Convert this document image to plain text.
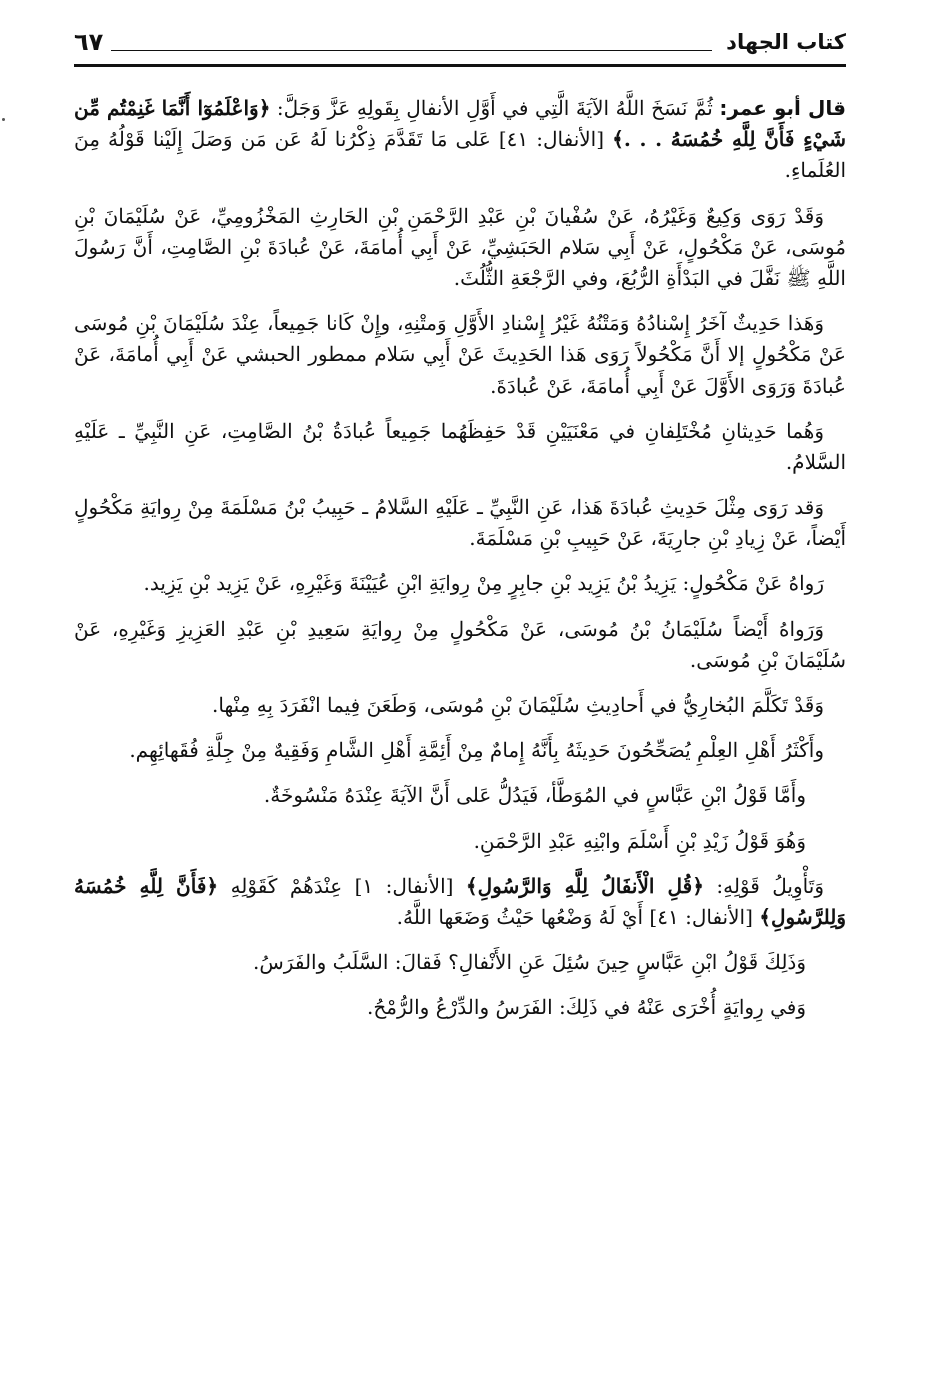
كتاب الجهاد
٦٧

قال أبو عمر: ثُمَّ نَسَخَ اللَّهُ الآيَةَ الَّتِي في أَوَّلِ الأنفالِ بِقَولِهِ عَزَّ وَجَلَّ: ﴿وَاعْلَمُوٓا أَنَّمَا غَنِمْتُم مِّن شَيْءٍ فَأَنَّ لِلَّهِ خُمُسَهُ . . .﴾ [الأنفال: ٤١] عَلى مَا تَقَدَّمَ ذِكْرُنا لَهُ عَن مَن وَصَلَ إِلَيْنا قَوْلُهُ مِنَ العُلَماءِ.

وَقَدْ رَوَى وَكِيعٌ وَغَيْرُهُ، عَنْ سُفْيانَ بْنِ عَبْدِ الرَّحْمَنِ بْنِ الحَارِثِ المَخْزُومِيِّ، عَنْ سُلَيْمَانَ بْنِ مُوسَى، عَنْ مَكْحُولٍ، عَنْ أَبِي سَلام الحَبَشِيِّ، عَنْ أَبِي أُمامَةَ، عَنْ عُبادَةَ بْنِ الصَّامِتِ، أَنَّ رَسُولَ اللَّهِ ﷺ نَفَّلَ في البَدْأَةِ الرُّبُعَ، وفي الرَّجْعَةِ الثُّلُثَ.

وَهَذا حَدِيثٌ آخَرُ إِسْنادُهُ وَمَتْنُهُ غَيْرُ إِسْنادِ الأَوَّلِ وَمتْنِهِ، وإِنْ كَانا جَمِيعاً، عِنْدَ سُلَيْمَانَ بْنِ مُوسَى عَنْ مَكْحُولٍ إلا أَنَّ مَكْحُولاً رَوَى هَذا الحَدِيثَ عَنْ أَبِي سَلام ممطور الحبشي عَنْ أَبِي أُمامَةَ، عَنْ عُبادَةَ وَرَوَى الأَوَّلَ عَنْ أَبِي أُمامَةَ، عَنْ عُبادَةَ.

وَهُما حَدِيثانِ مُخْتَلِفانِ في مَعْنَيَيْنِ قَدْ حَفِظَهُما جَمِيعاً عُبادَةُ بْنُ الصَّامِتِ، عَنِ النَّبِيِّ ـ عَلَيْهِ السَّلامُ.

وَقد رَوَى مِثْلَ حَدِيثِ عُبادَةَ هَذا، عَنِ النَّبِيِّ ـ عَلَيْهِ السَّلامُ ـ حَبِيبُ بْنُ مَسْلَمَةَ مِنْ رِوايَةِ مَكْحُولٍ أَيْضاً، عَنْ زِيادِ بْنِ جارِيَةَ، عَنْ حَبِيبِ بْنِ مَسْلَمَةَ.

رَواهُ عَنْ مَكْحُولٍ: يَزِيدُ بْنُ يَزِيد بْنِ جابِرٍ مِنْ رِوايَةِ ابْنِ عُيَيْنَةَ وَغَيْرِهِ، عَنْ يَزِيد بْنِ يَزِيد.

وَرَواهُ أَيْضاً سُلَيْمَانُ بْنُ مُوسَى، عَنْ مَكْحُولٍ مِنْ رِوايَةِ سَعِيدِ بْنِ عَبْدِ العَزِيزِ وَغَيْرِهِ، عَنْ سُلَيْمَانَ بْنِ مُوسَى.

وَقَدْ تَكَلَّمَ البُخارِيُّ في أَحادِيثِ سُلَيْمَانَ بْنِ مُوسَى، وَطَعَنَ فِيما انْفَرَدَ بِهِ مِنْها.

وأَكْثَرُ أَهْلِ العِلْمِ يُصَحِّحُونَ حَدِيثَهُ بِأَنَّهُ إِمامٌ مِنْ أَئِمَّةِ أَهْلِ الشَّامِ وَفَقِيهٌ مِنْ جِلَّةِ فُقَهائِهِم.

وأَمَّا قَوْلُ ابْنِ عَبَّاسٍ في المُوَطَّأ، فَيَدُلُّ عَلى أَنَّ الآيَةَ عِنْدَهُ مَنْسُوخَةٌ.

وَهُوَ قَوْلُ زَيْدِ بْنِ أَسْلَمَ وابْنِهِ عَبْدِ الرَّحْمَنِ.

وَتَأْوِيلُ قَوْلِهِ: ﴿قُلِ الْأَنفَالُ لِلَّهِ وَالرَّسُولِ﴾ [الأنفال: ١] عِنْدَهُمْ كَقَوْلِهِ ﴿فَأَنَّ لِلَّهِ خُمُسَهُ وَلِلرَّسُولِ﴾ [الأنفال: ٤١] أَيْ لَهُ وَضْعُها حَيْثُ وَضَعَها اللَّهُ.

وَذَلِكَ قَوْلُ ابْنِ عَبَّاسٍ حِينَ سُئِلَ عَنِ الأَنْفالِ؟ فَقالَ: السَّلَبُ والفَرَسُ.

وَفي رِوايَةٍ أُخْرَى عَنْهُ في ذَلِكَ: الفَرَسُ والدِّرْعُ والرُّمْحُ.
